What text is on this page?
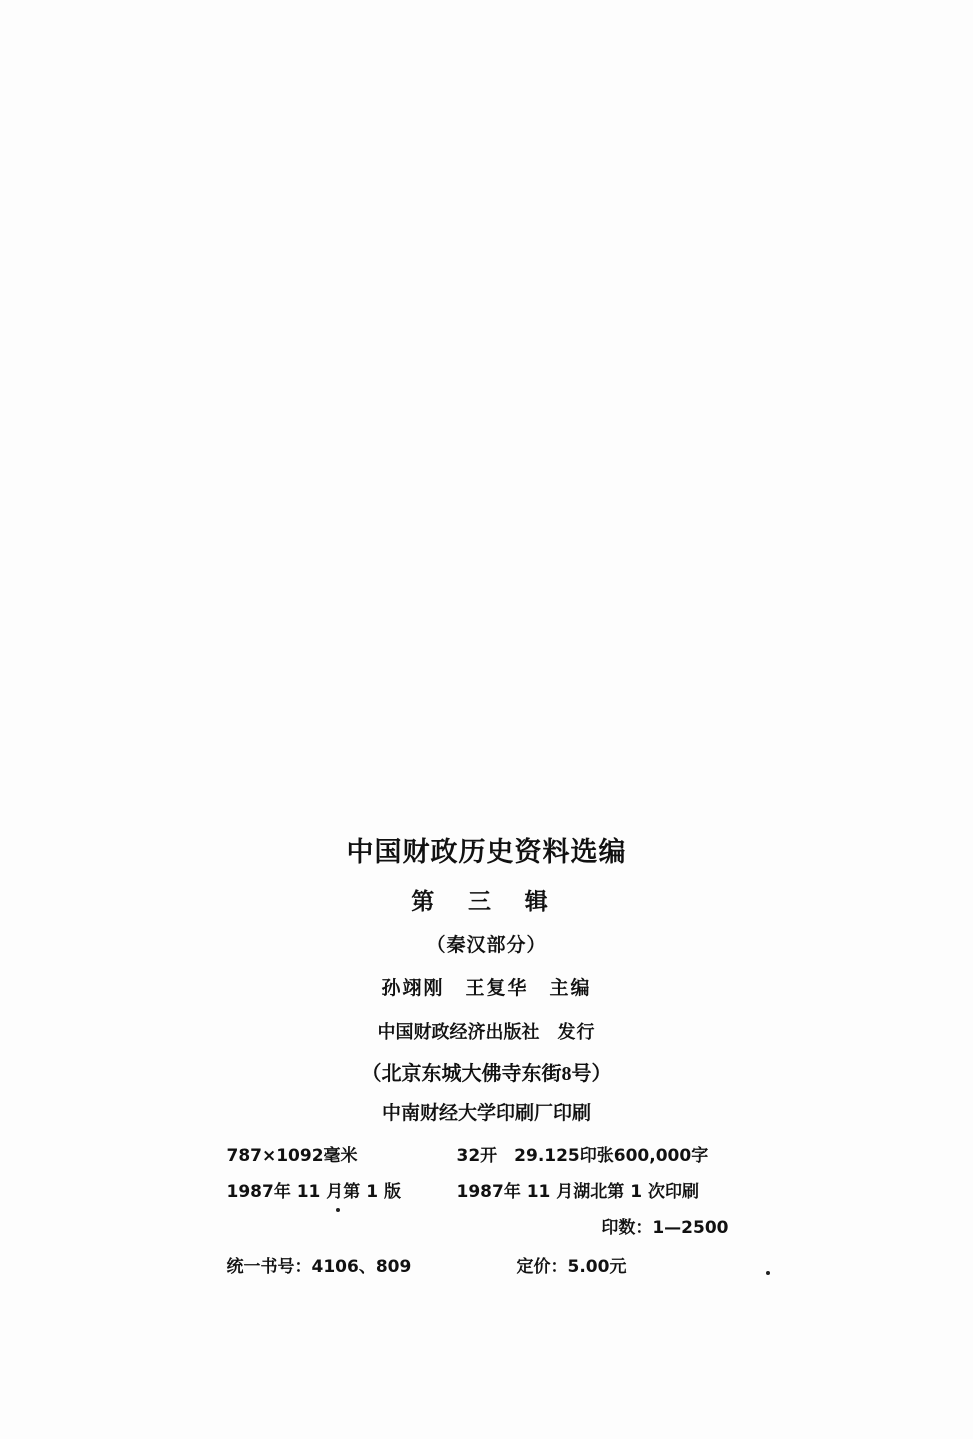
中国财政历史资料选编
第 三 辑
（秦汉部分）
孙翊刚　王复华　主编
中国财政经济出版社 发行
（北京东城大佛寺东街8号）
中南财经大学印刷厂印刷
787×1092毫米	32开　29.125印张600,000字
1987年 11 月第 1 版	1987年 11 月湖北第 1 次印刷
印数：1—2500
统一书号：4106、809	定价：5.00元
